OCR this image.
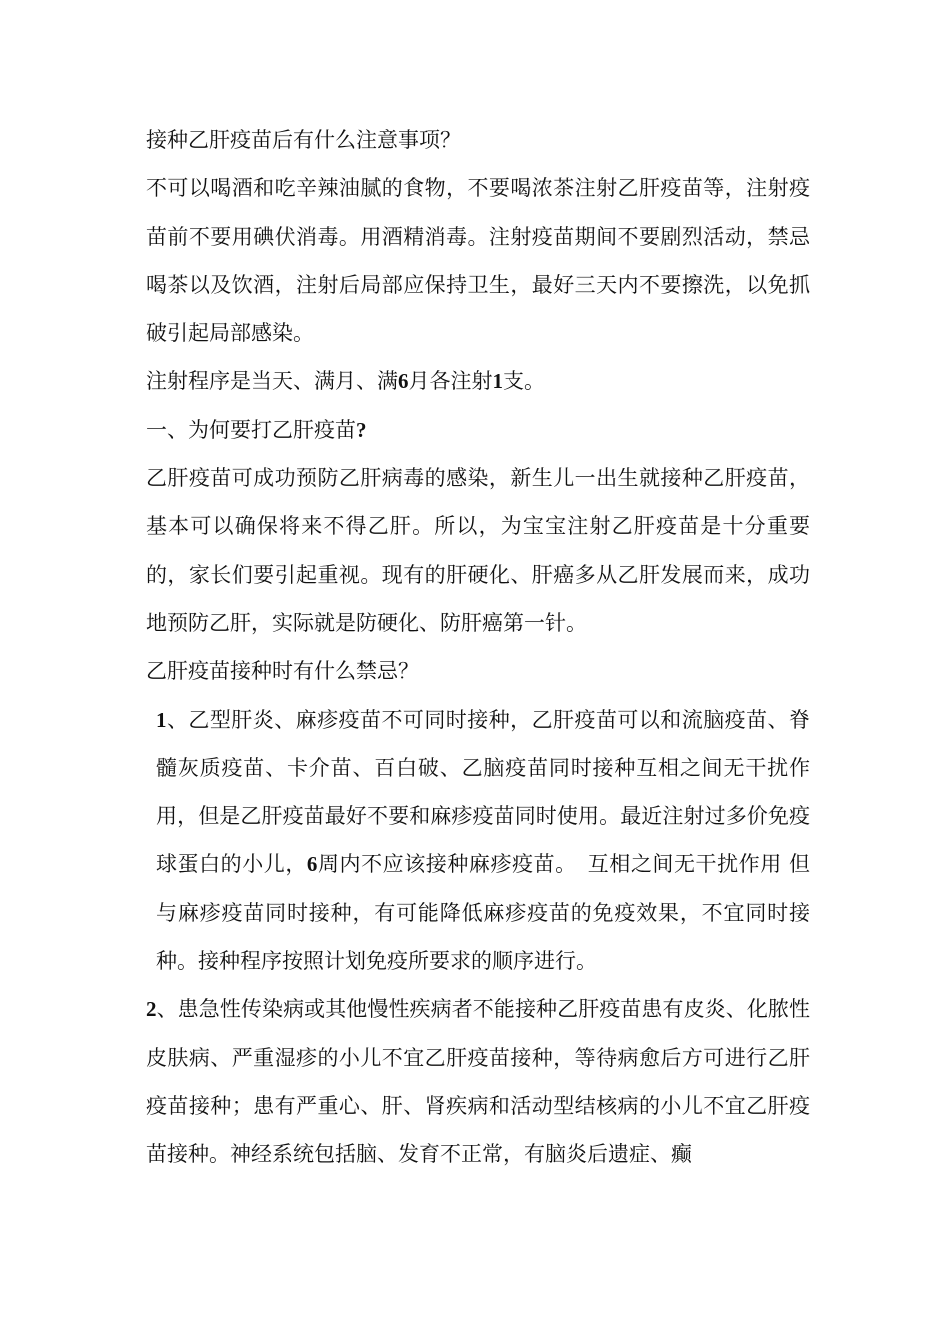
接种乙肝疫苗后有什么注意事项？
不可以喝酒和吃辛辣油腻的食物，不要喝浓茶注射乙肝疫苗等，注射疫苗前不要用碘伏消毒。用酒精消毒。注射疫苗期间不要剧烈活动，禁忌喝茶以及饮酒，注射后局部应保持卫生，最好三天内不要擦洗，以免抓破引起局部感染。
注射程序是当天、满月、满6月各注射1支。
一、为何要打乙肝疫苗?
乙肝疫苗可成功预防乙肝病毒的感染，新生儿一出生就接种乙肝疫苗，基本可以确保将来不得乙肝。所以，为宝宝注射乙肝疫苗是十分重要的，家长们要引起重视。现有的肝硬化、肝癌多从乙肝发展而来，成功地预防乙肝，实际就是防硬化、防肝癌第一针。
乙肝疫苗接种时有什么禁忌？
1、乙型肝炎、麻疹疫苗不可同时接种，乙肝疫苗可以和流脑疫苗、脊髓灰质疫苗、卡介苗、百白破、乙脑疫苗同时接种互相之间无干扰作用，但是乙肝疫苗最好不要和麻疹疫苗同时使用。最近注射过多价免疫球蛋白的小儿，6周内不应该接种麻疹疫苗。　互相之间无干扰作用 但与麻疹疫苗同时接种，有可能降低麻疹疫苗的免疫效果，不宜同时接种。接种程序按照计划免疫所要求的顺序进行。
2、患急性传染病或其他慢性疾病者不能接种乙肝疫苗患有皮炎、化脓性皮肤病、严重湿疹的小儿不宜乙肝疫苗接种，等待病愈后方可进行乙肝疫苗接种；患有严重心、肝、肾疾病和活动型结核病的小儿不宜乙肝疫苗接种。神经系统包括脑、发育不正常，有脑炎后遗症、癫
